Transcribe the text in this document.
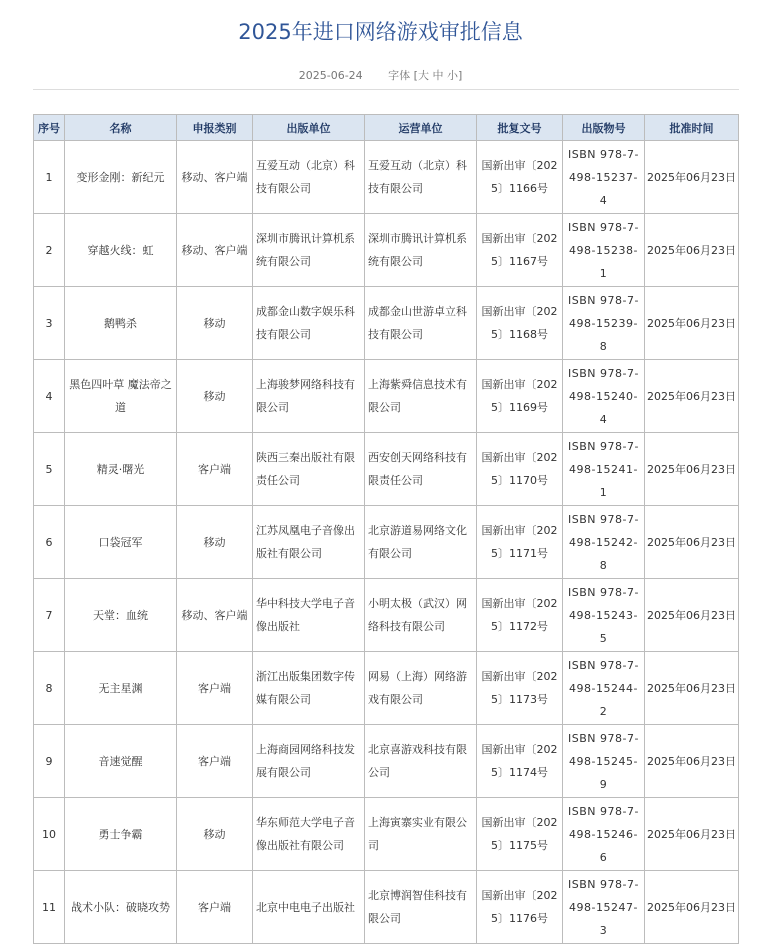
2025年进口网络游戏审批信息
2025-06-24 字体 [大 中 小]
序号	名称	申报类别	出版单位	运营单位	批复文号	出版物号	批准时间
1	变形金刚：新纪元	移动、客户端	互爱互动（北京）科技有限公司	互爱互动（北京）科技有限公司	国新出审〔2025〕1166号	ISBN 978-7-498-15237-4	2025年06月23日
2	穿越火线：虹	移动、客户端	深圳市腾讯计算机系统有限公司	深圳市腾讯计算机系统有限公司	国新出审〔2025〕1167号	ISBN 978-7-498-15238-1	2025年06月23日
3	鹅鸭杀	移动	成都金山数字娱乐科技有限公司	成都金山世游卓立科技有限公司	国新出审〔2025〕1168号	ISBN 978-7-498-15239-8	2025年06月23日
4	黑色四叶草 魔法帝之道	移动	上海骏梦网络科技有限公司	上海紫舜信息技术有限公司	国新出审〔2025〕1169号	ISBN 978-7-498-15240-4	2025年06月23日
5	精灵·曙光	客户端	陕西三秦出版社有限责任公司	西安创天网络科技有限责任公司	国新出审〔2025〕1170号	ISBN 978-7-498-15241-1	2025年06月23日
6	口袋冠军	移动	江苏凤凰电子音像出版社有限公司	北京游道易网络文化有限公司	国新出审〔2025〕1171号	ISBN 978-7-498-15242-8	2025年06月23日
7	天堂：血统	移动、客户端	华中科技大学电子音像出版社	小明太极（武汉）网络科技有限公司	国新出审〔2025〕1172号	ISBN 978-7-498-15243-5	2025年06月23日
8	无主星渊	客户端	浙江出版集团数字传媒有限公司	网易（上海）网络游戏有限公司	国新出审〔2025〕1173号	ISBN 978-7-498-15244-2	2025年06月23日
9	音速觉醒	客户端	上海商园网络科技发展有限公司	北京喜游戏科技有限公司	国新出审〔2025〕1174号	ISBN 978-7-498-15245-9	2025年06月23日
10	勇士争霸	移动	华东师范大学电子音像出版社有限公司	上海寅寨实业有限公司	国新出审〔2025〕1175号	ISBN 978-7-498-15246-6	2025年06月23日
11	战术小队：破晓攻势	客户端	北京中电电子出版社	北京博润智佳科技有限公司	国新出审〔2025〕1176号	ISBN 978-7-498-15247-3	2025年06月23日
